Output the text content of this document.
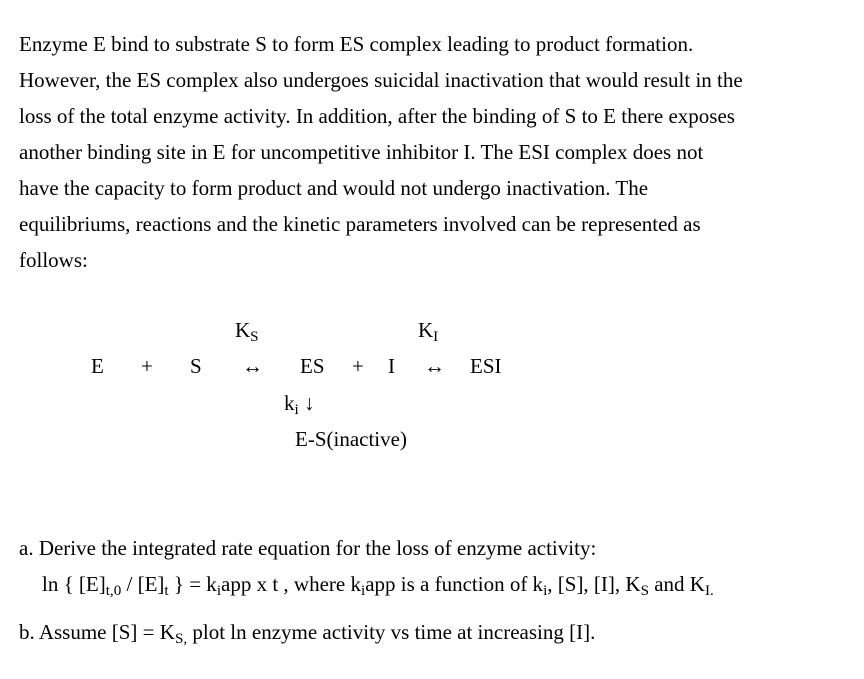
Enzyme E bind to substrate S to form ES complex leading to product formation.
However, the ES complex also undergoes suicidal inactivation that would result in the
loss of the total enzyme activity. In addition, after the binding of S to E there exposes
another binding site in E for uncompetitive inhibitor I. The ESI complex does not
have the capacity to form product and would not undergo inactivation. The
equilibriums, reactions and the kinetic parameters involved can be represented as
follows:
$K_S$	$K_I$
E + S ↔ ES + I ↔ ESI
$k_i$ ↓
E-S(inactive)
a. Derive the integrated rate equation for the loss of enzyme activity:
ln { $[E]_{t,0} / [E]_t$ } = $k_iapp$ x t , where $k_iapp$ is a function of $k_i$, [S], [I], $K_S$ and $K_{I.}$
b. Assume $[S] = K_{S,}$ plot ln enzyme activity vs time at increasing [I].
